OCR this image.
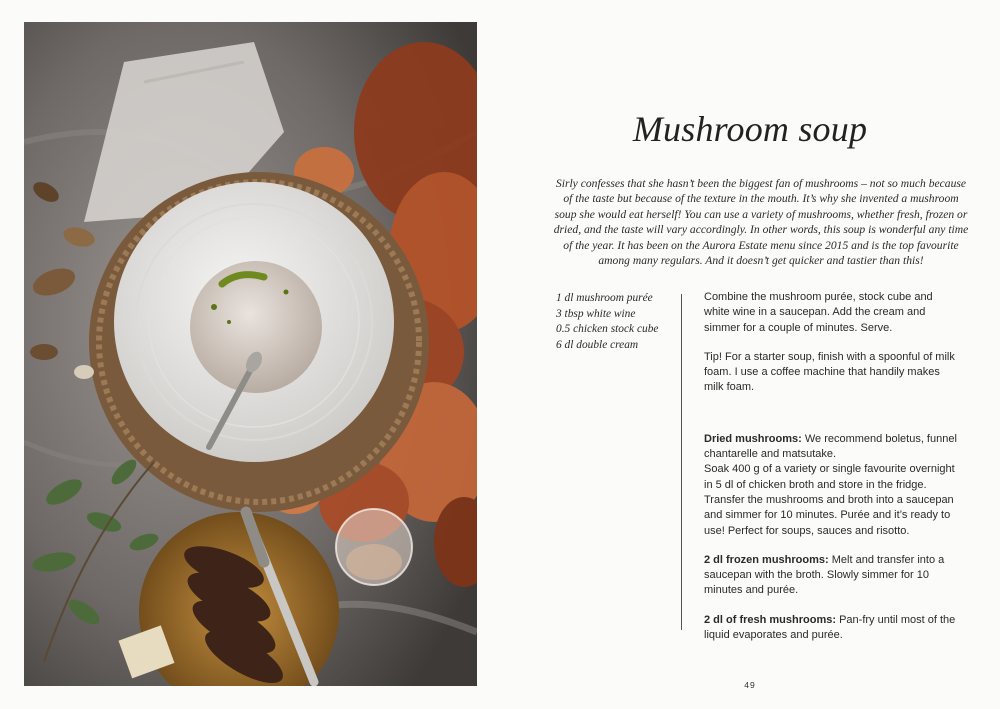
Mushroom soup

Sirly confesses that she hasn’t been the biggest fan of mushrooms – not so much because of the taste but because of the texture in the mouth. It’s why she invented a mushroom soup she would eat herself! You can use a variety of mushrooms, whether fresh, frozen or dried, and the taste will vary accordingly. In other words, this soup is wonderful any time of the year. It has been on the Aurora Estate menu since 2015 and is the top favourite among many regulars. And it doesn’t get quicker and tastier than this!

1 dl mushroom purée
3 tbsp white wine
0.5 chicken stock cube
6 dl double cream

Combine the mushroom purée, stock cube and white wine in a saucepan. Add the cream and simmer for a couple of minutes. Serve.

Tip! For a starter soup, finish with a spoonful of milk foam. I use a coffee machine that handily makes milk foam.

Dried mushrooms: We recommend boletus, funnel chantarelle and matsutake.
Soak 400 g of a variety or single favourite overnight in 5 dl of chicken broth and store in the fridge. Transfer the mushrooms and broth into a saucepan and simmer for 10 minutes. Purée and it’s ready to use! Perfect for soups, sauces and risotto.
2 dl frozen mushrooms: Melt and transfer into a saucepan with the broth. Slowly simmer for 10 minutes and purée.
2 dl of fresh mushrooms: Pan-fry until most of the liquid evaporates and purée.
49
